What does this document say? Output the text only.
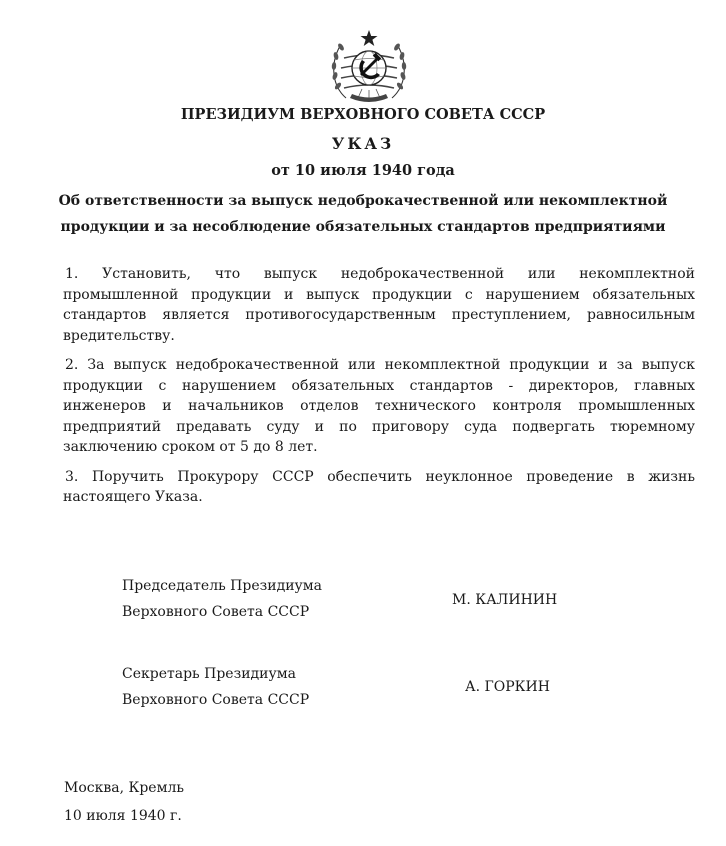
ПРЕЗИДИУМ ВЕРХОВНОГО СОВЕТА СССР
УКАЗ
от 10 июля 1940 года
Об ответственности за выпуск недоброкачественной или некомплектной
продукции и за несоблюдение обязательных стандартов предприятиями

1. Установить, что выпуск недоброкачественной или некомплектной промышленной продукции и выпуск продукции с нарушением обязательных стандартов является противогосударственным преступлением, равносильным вредительству.

2. За выпуск недоброкачественной или некомплектной продукции и за выпуск продукции с нарушением обязательных стандартов - директоров, главных инженеров и начальников отделов технического контроля промышленных предприятий предавать суду и по приговору суда подвергать тюремному заключению сроком от 5 до 8 лет.

3. Поручить Прокурору СССР обеспечить неуклонное проведение в жизнь настоящего Указа.

Председатель Президиума
Верховного Совета СССР
М. КАЛИНИН
Секретарь Президиума
Верховного Совета СССР
А. ГОРКИН
Москва, Кремль
10 июля 1940 г.
